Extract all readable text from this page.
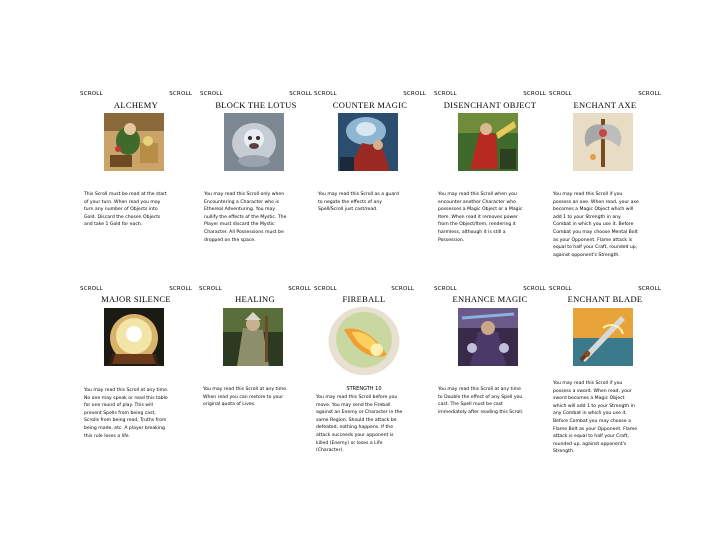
SCROLL	SCROLL
ALCHEMY
This Scroll must be read at the start
of your turn. When read you may
turn any number of Objects into
Gold. Discard the chosen Objects
and take 1 Gold for each.
SCROLL	SCROLL
BLOCK THE LOTUS
You may read this Scroll only when
Encountering a Character who is
Ethereal Adventuring. You may
nullify the effects of the Mystic. The
Player must discard the Mystic
Character. All Possessions must be
dropped on the space.
SCROLL	SCROLL
COUNTER MAGIC
You may read this Scroll as a guard
to negate the effects of any
Spell/Scroll just cast/read.
SCROLL	SCROLL
DISENCHANT OBJECT
You may read this Scroll when you
encounter another Character who
possesses a Magic Object or a Magic
Item. When read it removes power
from the Object/Item, rendering it
harmless, although it is still a
Possession.
SCROLL	SCROLL
ENCHANT AXE
You may read this Scroll if you
possess an axe. When read, your axe
becomes a Magic Object which will
add 1 to your Strength in any
Combat in which you use it. Before
Combat you may choose Mental Bolt
as your Opponent. Flame attack is
equal to half your Craft, rounded up,
against opponent's Strength.
SCROLL	SCROLL
MAJOR SILENCE
You may read this Scroll at any time.
No one may speak or read this table
for one round of play. This will
prevent Spells from being cast,
Scrolls from being read, Truths from
being made, etc. A player breaking
this rule loses a life.
SCROLL	SCROLL
HEALING
You may read this Scroll at any time.
When read you can restore to your
original quota of Lives.
SCROLL	SCROLL
FIREBALL
STRENGTH 10
You may read this Scroll before you
move. You may send the Fireball
against an Enemy or Character in the
same Region. Should the attack be
defeated, nothing happens. If the
attack succeeds your opponent is
killed (Enemy) or loses a Life
(Character).
SCROLL	SCROLL
ENHANCE MAGIC
You may read this Scroll at any time
to Double the effect of any Spell you
cast. The Spell must be cast
immediately after reading this Scroll.
SCROLL	SCROLL
ENCHANT BLADE
You may read this Scroll if you
possess a sword. When read, your
sword becomes a Magic Object
which will add 1 to your Strength in
any Combat in which you use it.
Before Combat you may choose a
Flame Bolt as your Opponent. Flame
attack is equal to half your Craft,
rounded up, against opponent's
Strength.
